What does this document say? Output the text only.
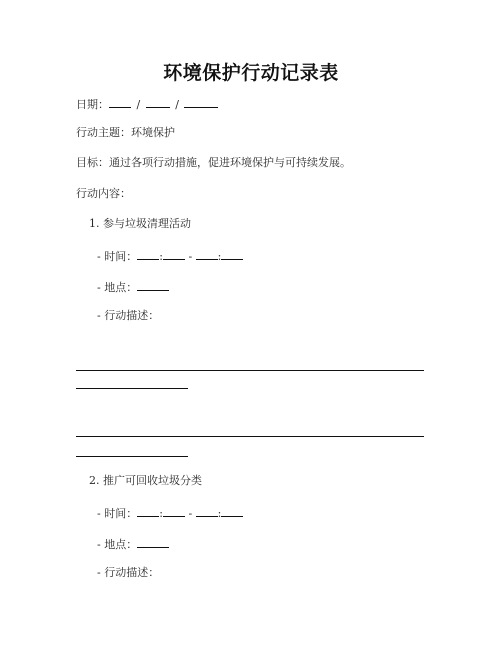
环境保护行动记录表
日期：	/	/
行动主题：环境保护
目标：通过各项行动措施，促进环境保护与可持续发展。
行动内容：
1. 参与垃圾清理活动
- 时间： : - :
- 地点：
- 行动描述：
2. 推广可回收垃圾分类
- 时间： : - :
- 地点：
- 行动描述：
